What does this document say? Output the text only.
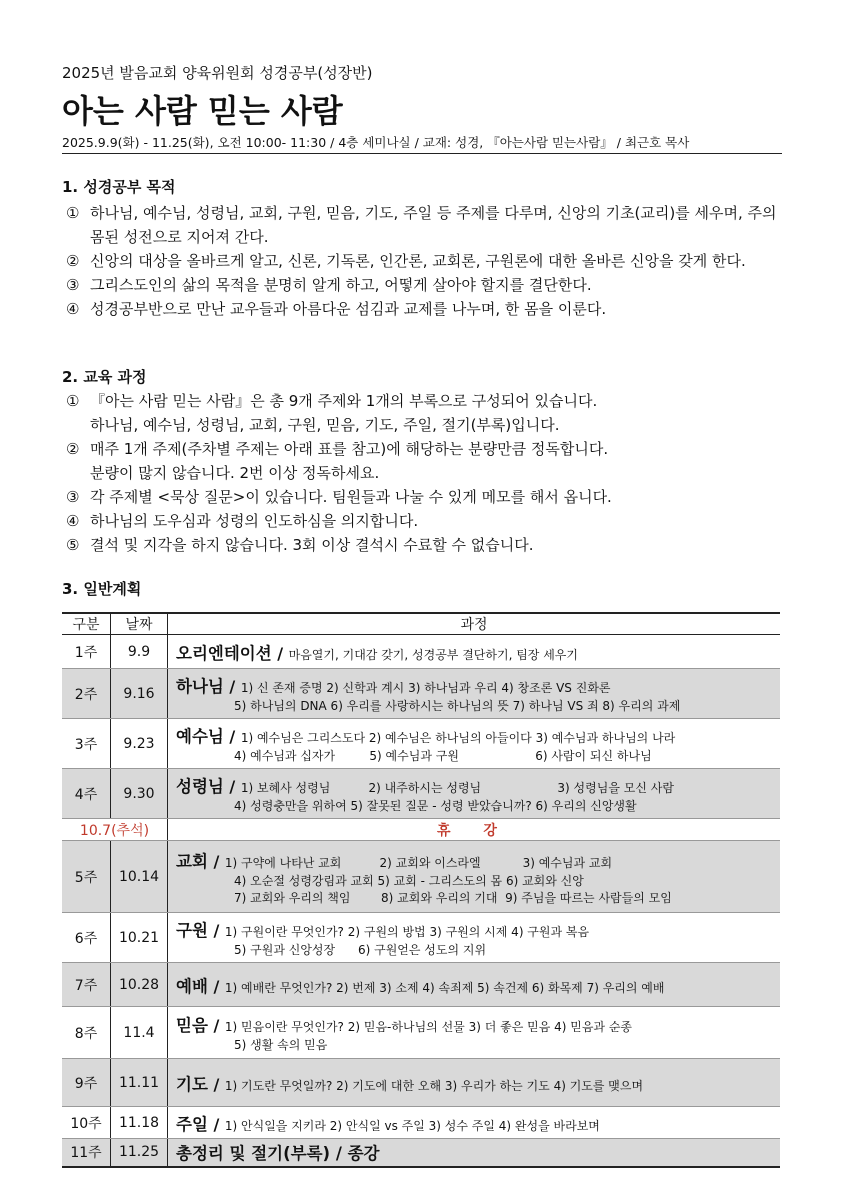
2025년 발음교회 양육위원회 성경공부(성장반)
아는 사람 믿는 사람
2025.9.9(화) - 11.25(화), 오전 10:00- 11:30 / 4층 세미나실 / 교재: 성경, 『아는사람 믿는사람』 / 최근호 목사
1. 성경공부 목적
① 하나님, 예수님, 성령님, 교회, 구원, 믿음, 기도, 주일 등 주제를 다루며, 신앙의 기초(교리)를 세우며, 주의 몸된 성전으로 지어져 간다.
② 신앙의 대상을 올바르게 알고, 신론, 기독론, 인간론, 교회론, 구원론에 대한 올바른 신앙을 갖게 한다.
③ 그리스도인의 삶의 목적을 분명히 알게 하고, 어떻게 살아야 할지를 결단한다.
④ 성경공부반으로 만난 교우들과 아름다운 섬김과 교제를 나누며, 한 몸을 이룬다.
2. 교육 과정
① 『아는 사람 믿는 사람』은 총 9개 주제와 1개의 부록으로 구성되어 있습니다.
하나님, 예수님, 성령님, 교회, 구원, 믿음, 기도, 주일, 절기(부록)입니다.
② 매주 1개 주제(주차별 주제는 아래 표를 참고)에 해당하는 분량만큼 정독합니다.
분량이 많지 않습니다. 2번 이상 정독하세요.
③ 각 주제별 <묵상 질문>이 있습니다. 팀원들과 나눌 수 있게 메모를 해서 옵니다.
④ 하나님의 도우심과 성령의 인도하심을 의지합니다.
⑤ 결석 및 지각을 하지 않습니다. 3회 이상 결석시 수료할 수 없습니다.
3. 일반계획
구분	날짜	과정
1주	9.9	오리엔테이션 / 마음열기, 기대감 갖기, 성경공부 결단하기, 팀장 세우기
2주	9.16	하나님 / 1) 신 존재 증명 2) 신학과 계시 3) 하나님과 우리 4) 창조론 VS 진화론
5) 하나님의 DNA 6) 우리를 사랑하시는 하나님의 뜻 7) 하나님 VS 죄 8) 우리의 과제

3주	9.23	예수님 / 1) 예수님은 그리스도다 2) 예수님은 하나님의 아들이다 3) 예수님과 하나님의 나라
4) 예수님과 십자가         5) 예수님과 구원                    6) 사람이 되신 하나님

4주	9.30	성령님 / 1) 보혜사 성령님          2) 내주하시는 성령님                    3) 성령님을 모신 사람
4) 성령충만을 위하여 5) 잘못된 질문 - 성령 받았습니까? 6) 우리의 신앙생활

10.7(추석)		휴 강
5주	10.14	교회 / 1) 구약에 나타난 교회          2) 교회와 이스라엘           3) 예수님과 교회
4) 오순절 성령강림과 교회 5) 교회 - 그리스도의 몸 6) 교회와 신앙
7) 교회와 우리의 책임        8) 교회와 우리의 기대  9) 주님을 따르는 사람들의 모임

6주	10.21	구원 / 1) 구원이란 무엇인가? 2) 구원의 방법 3) 구원의 시제 4) 구원과 복음
5) 구원과 신앙성장      6) 구원얻은 성도의 지위

7주	10.28	예배 / 1) 예배란 무엇인가? 2) 번제 3) 소제 4) 속죄제 5) 속건제 6) 화목제 7) 우리의 예배
8주	11.4	믿음 / 1) 믿음이란 무엇인가? 2) 믿음-하나님의 선물 3) 더 좋은 믿음 4) 믿음과 순종
5) 생활 속의 믿음

9주	11.11	기도 / 1) 기도란 무엇일까? 2) 기도에 대한 오해 3) 우리가 하는 기도 4) 기도를 맺으며
10주	11.18	주일 / 1) 안식일을 지키라 2) 안식일 vs 주일 3) 성수 주일 4) 완성을 바라보며
11주	11.25	총정리 및 절기(부록) / 종강
